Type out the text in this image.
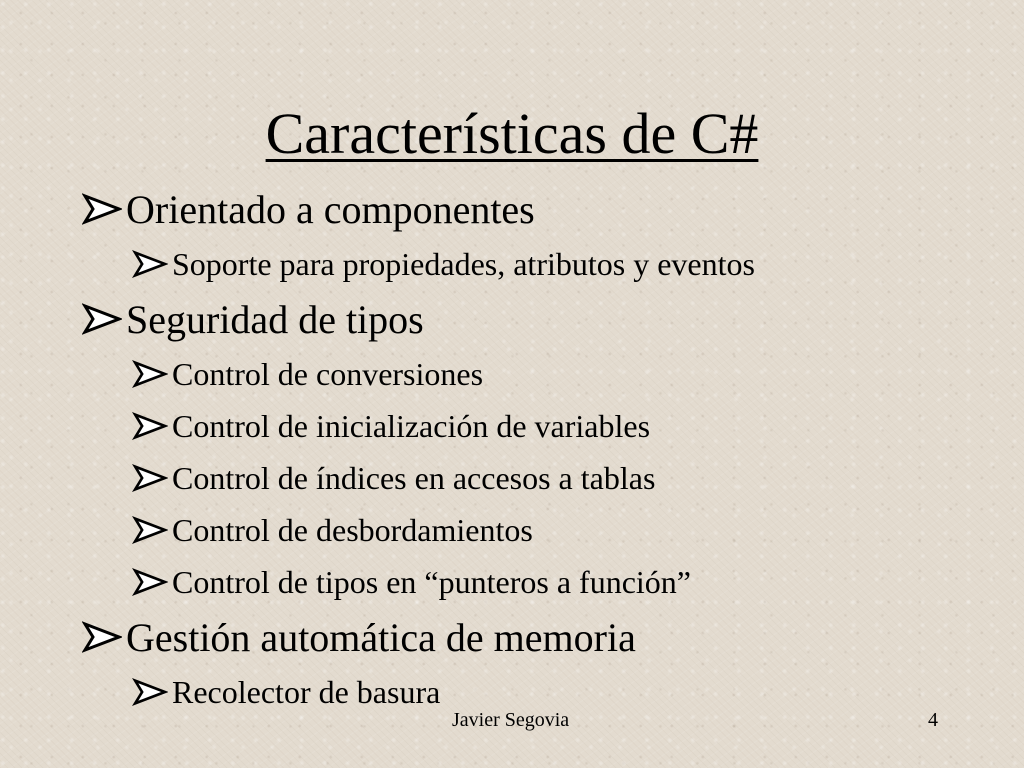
Características de C#
Orientado a componentes
Soporte para propiedades, atributos y eventos
Seguridad de tipos
Control de conversiones
Control de inicialización de variables
Control de índices en accesos a tablas
Control de desbordamientos
Control de tipos en “punteros a función”
Gestión automática de memoria
Recolector de basura
Javier Segovia	4
